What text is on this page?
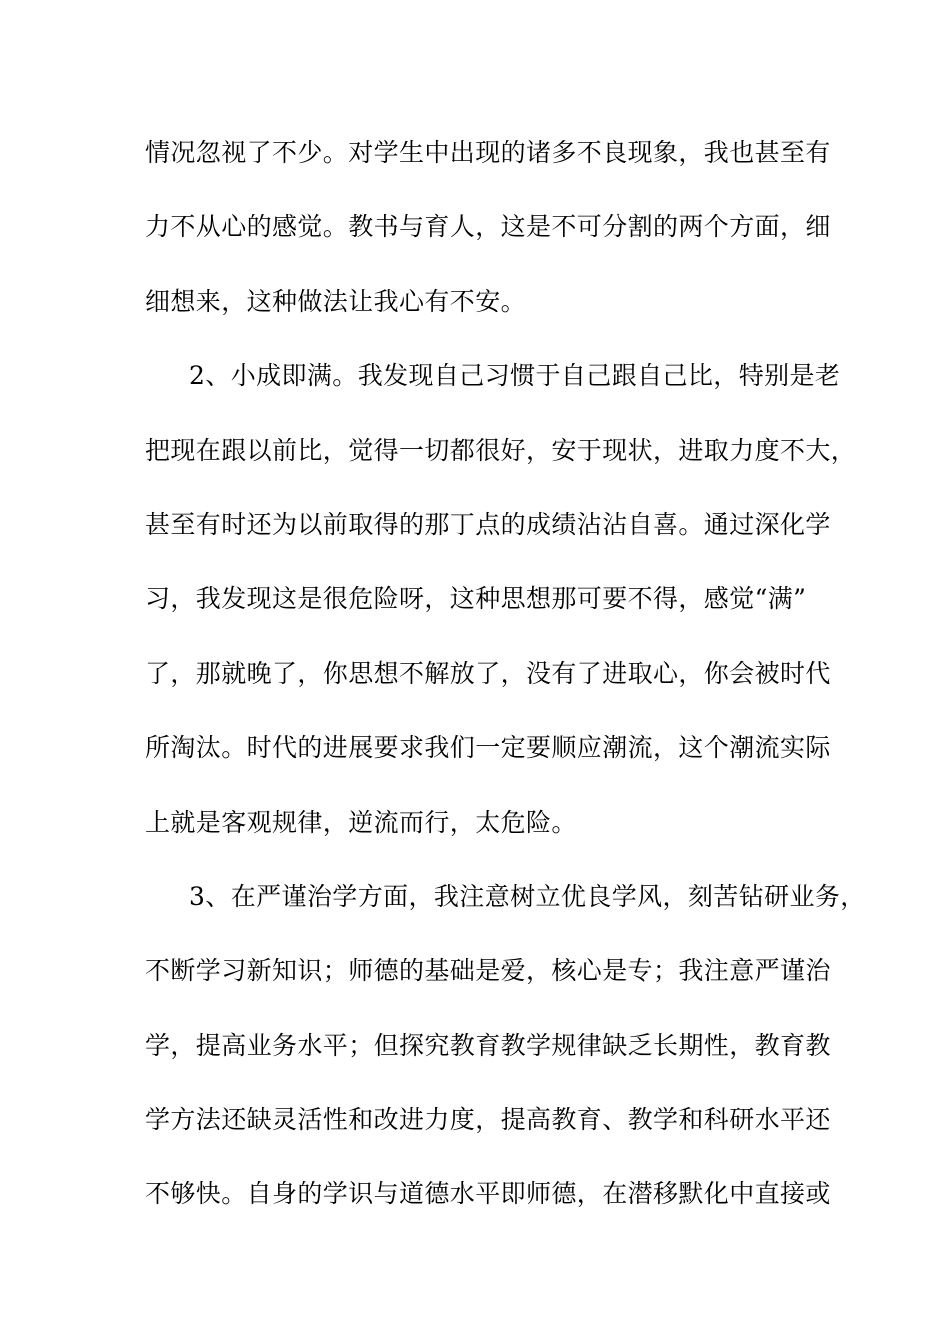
情况忽视了不少。对学生中出现的诸多不良现象，我也甚至有
力不从心的感觉。教书与育人，这是不可分割的两个方面，细
细想来，这种做法让我心有不安。
2、小成即满。我发现自己习惯于自己跟自己比，特别是老
把现在跟以前比，觉得一切都很好，安于现状，进取力度不大，
甚至有时还为以前取得的那丁点的成绩沾沾自喜。通过深化学
习，我发现这是很危险呀，这种思想那可要不得，感觉“满”
了，那就晚了，你思想不解放了，没有了进取心，你会被时代
所淘汰。时代的进展要求我们一定要顺应潮流，这个潮流实际
上就是客观规律，逆流而行，太危险。
3、在严谨治学方面，我注意树立优良学风，刻苦钻研业务，
不断学习新知识；师德的基础是爱，核心是专；我注意严谨治
学，提高业务水平；但探究教育教学规律缺乏长期性，教育教
学方法还缺灵活性和改进力度，提高教育、教学和科研水平还
不够快。自身的学识与道德水平即师德，在潜移默化中直接或
